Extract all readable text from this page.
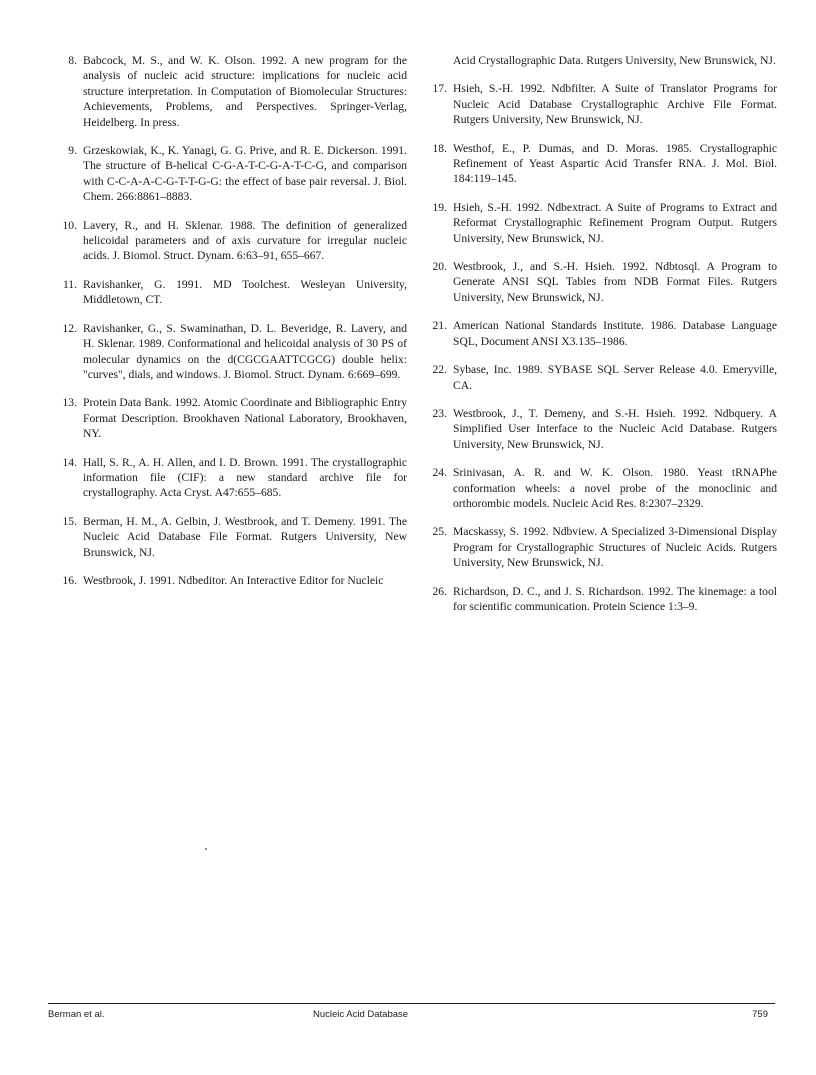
8. Babcock, M. S., and W. K. Olson. 1992. A new program for the analysis of nucleic acid structure: implications for nucleic acid structure interpretation. In Computation of Biomolecular Structures: Achievements, Problems, and Perspectives. Springer-Verlag, Heidelberg. In press.
9. Grzeskowiak, K., K. Yanagi, G. G. Prive, and R. E. Dickerson. 1991. The structure of B-helical C-G-A-T-C-G-A-T-C-G, and comparison with C-C-A-A-C-G-T-T-G-G: the effect of base pair reversal. J. Biol. Chem. 266:8861–8883.
10. Lavery, R., and H. Sklenar. 1988. The definition of generalized helicoidal parameters and of axis curvature for irregular nucleic acids. J. Biomol. Struct. Dynam. 6:63–91, 655–667.
11. Ravishanker, G. 1991. MD Toolchest. Wesleyan University, Middletown, CT.
12. Ravishanker, G., S. Swaminathan, D. L. Beveridge, R. Lavery, and H. Sklenar. 1989. Conformational and helicoidal analysis of 30 PS of molecular dynamics on the d(CGCGAATTCGCG) double helix: "curves", dials, and windows. J. Biomol. Struct. Dynam. 6:669–699.
13. Protein Data Bank. 1992. Atomic Coordinate and Bibliographic Entry Format Description. Brookhaven National Laboratory, Brookhaven, NY.
14. Hall, S. R., A. H. Allen, and I. D. Brown. 1991. The crystallographic information file (CIF): a new standard archive file for crystallography. Acta Cryst. A47:655–685.
15. Berman, H. M., A. Gelbin, J. Westbrook, and T. Demeny. 1991. The Nucleic Acid Database File Format. Rutgers University, New Brunswick, NJ.
16. Westbrook, J. 1991. Ndbeditor. An Interactive Editor for Nucleic
Acid Crystallographic Data. Rutgers University, New Brunswick, NJ.
17. Hsieh, S.-H. 1992. Ndbfilter. A Suite of Translator Programs for Nucleic Acid Database Crystallographic Archive File Format. Rutgers University, New Brunswick, NJ.
18. Westhof, E., P. Dumas, and D. Moras. 1985. Crystallographic Refinement of Yeast Aspartic Acid Transfer RNA. J. Mol. Biol. 184:119–145.
19. Hsieh, S.-H. 1992. Ndbextract. A Suite of Programs to Extract and Reformat Crystallographic Refinement Program Output. Rutgers University, New Brunswick, NJ.
20. Westbrook, J., and S.-H. Hsieh. 1992. Ndbtosql. A Program to Generate ANSI SQL Tables from NDB Format Files. Rutgers University, New Brunswick, NJ.
21. American National Standards Institute. 1986. Database Language SQL, Document ANSI X3.135–1986.
22. Sybase, Inc. 1989. SYBASE SQL Server Release 4.0. Emeryville, CA.
23. Westbrook, J., T. Demeny, and S.-H. Hsieh. 1992. Ndbquery. A Simplified User Interface to the Nucleic Acid Database. Rutgers University, New Brunswick, NJ.
24. Srinivasan, A. R. and W. K. Olson. 1980. Yeast tRNAPhe conformation wheels: a novel probe of the monoclinic and orthorombic models. Nucleic Acid Res. 8:2307–2329.
25. Macskassy, S. 1992. Ndbview. A Specialized 3-Dimensional Display Program for Crystallographic Structures of Nucleic Acids. Rutgers University, New Brunswick, NJ.
26. Richardson, D. C., and J. S. Richardson. 1992. The kinemage: a tool for scientific communication. Protein Science 1:3–9.
Berman et al.	Nucleic Acid Database	759
